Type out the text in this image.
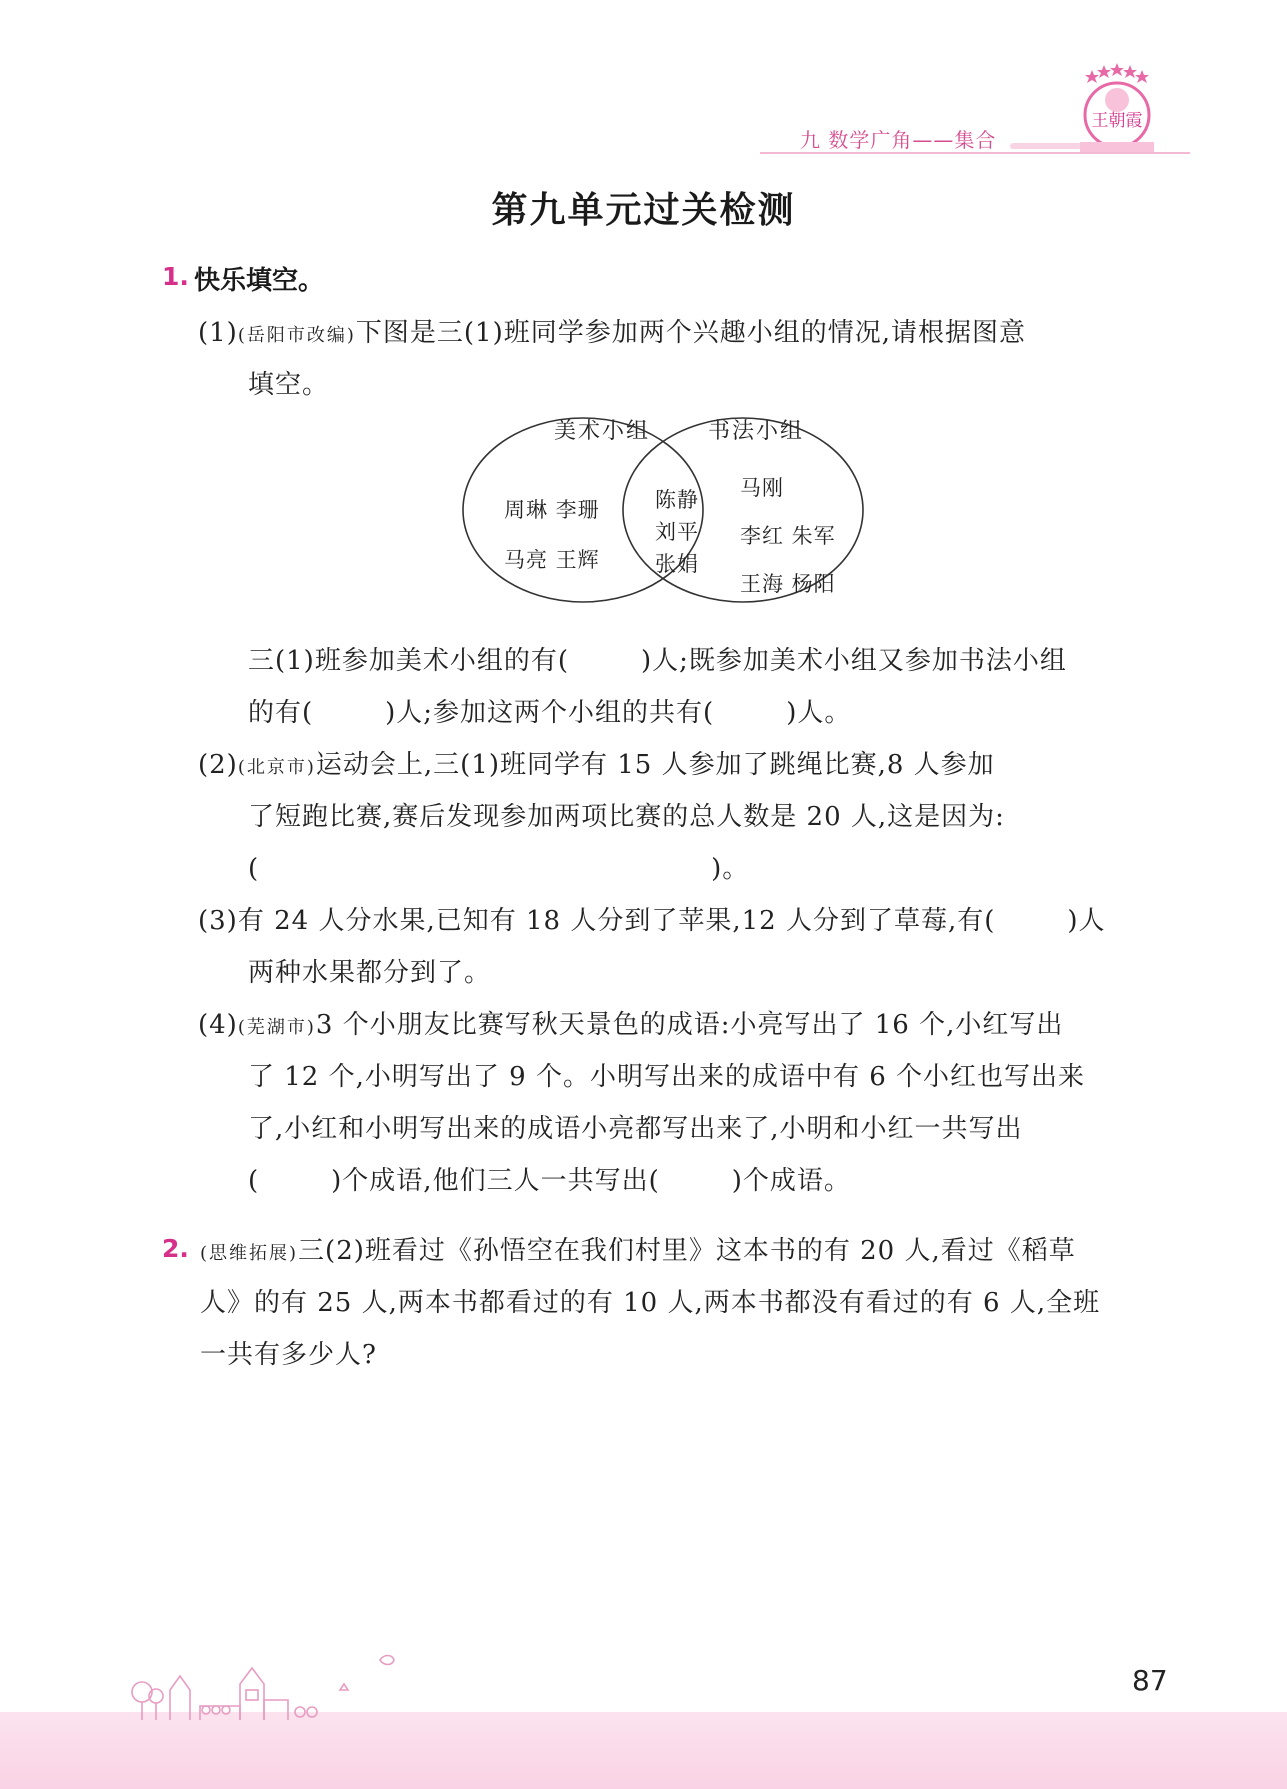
九 数学广角——集合
王朝霞
第九单元过关检测
1. 快乐填空。
(1)(岳阳市改编)下图是三(1)班同学参加两个兴趣小组的情况,请根据图意
填空。
美术小组	书法小组
周琳 李珊
马亮 王辉
陈静
刘平
张娟
马刚
李红 朱军
王海 杨阳
三(1)班参加美术小组的有(	)人;既参加美术小组又参加书法小组
的有(	)人;参加这两个小组的共有(	)人。
(2)(北京市)运动会上,三(1)班同学有 15 人参加了跳绳比赛,8 人参加
了短跑比赛,赛后发现参加两项比赛的总人数是 20 人,这是因为:
(	)。
(3)有 24 人分水果,已知有 18 人分到了苹果,12 人分到了草莓,有(	)人
两种水果都分到了。
(4)(芜湖市)3 个小朋友比赛写秋天景色的成语:小亮写出了 16 个,小红写出
了 12 个,小明写出了 9 个。小明写出来的成语中有 6 个小红也写出来
了,小红和小明写出来的成语小亮都写出来了,小明和小红一共写出
(	)个成语,他们三人一共写出(	)个成语。
2. (思维拓展)三(2)班看过《孙悟空在我们村里》这本书的有 20 人,看过《稻草
人》的有 25 人,两本书都看过的有 10 人,两本书都没有看过的有 6 人,全班
一共有多少人?
87
